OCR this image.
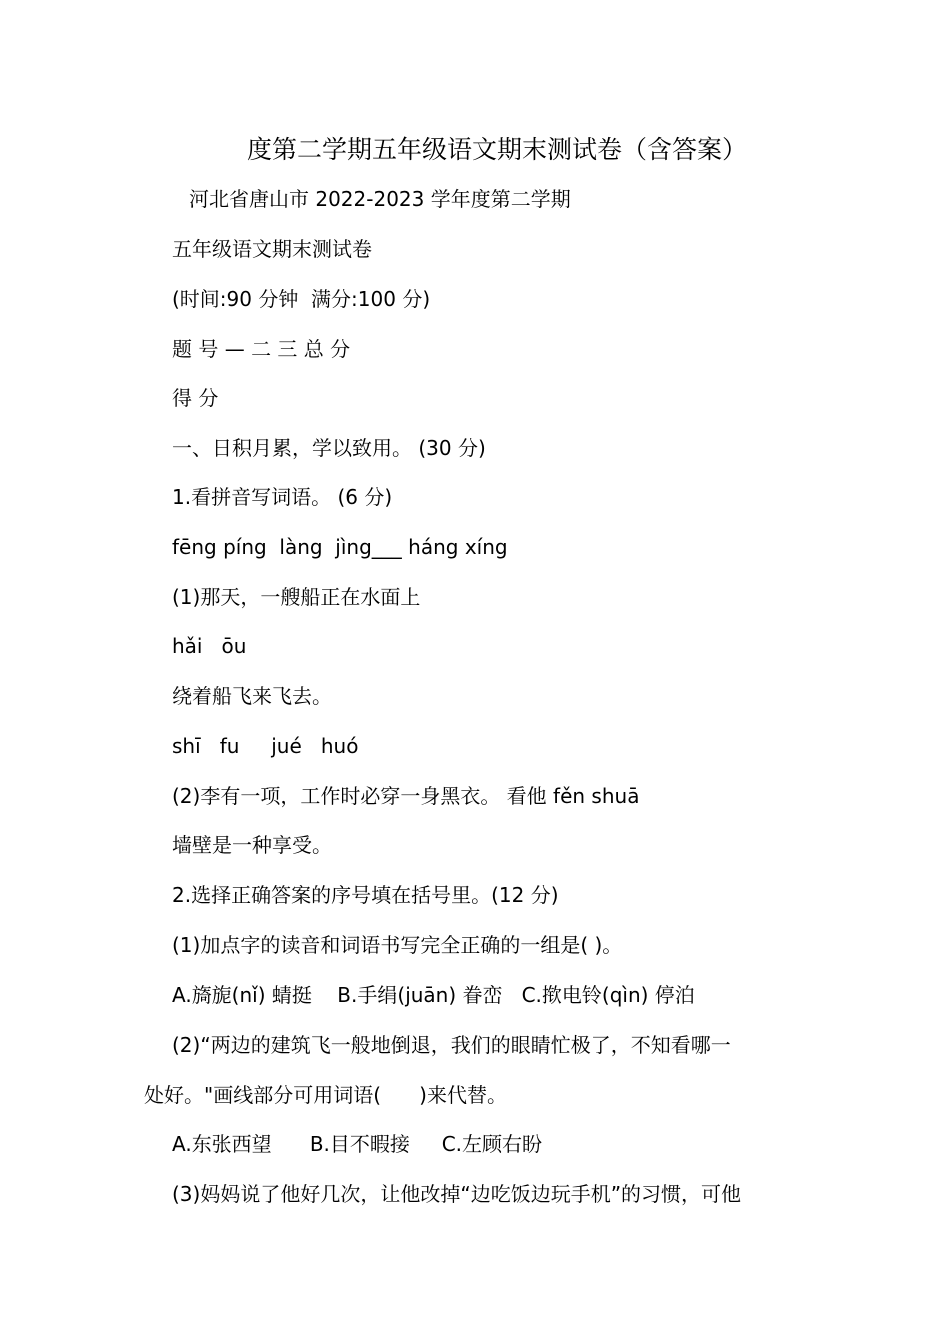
度第二学期五年级语文期末测试卷（含答案）
河北省唐山市 2022-2023 学年度第二学期
五年级语文期末测试卷
(时间:90 分钟  满分:100 分)
题 号 — 二 三 总 分
得 分
一、日积月累，学以致用。 (30 分)
1.看拼音写词语。 (6 分)
fēng píng  làng  jìng___ háng xíng
(1)那天，一艘船正在水面上
hǎi   ōu
绕着船飞来飞去。
shī   fu     jué   huó
(2)李有一项，工作时必穿一身黑衣。 看他 fěn shuā
墙壁是一种享受。
2.选择正确答案的序号填在括号里。(12 分)
(1)加点字的读音和词语书写完全正确的一组是( )。
A.旖旎(nǐ) 蜻挺    B.手绢(juān) 眷峦   C.揿电铃(qìn) 停泊
(2)“两边的建筑飞一般地倒退，我们的眼睛忙极了，不知看哪一
处好。"画线部分可用词语(      )来代替。
A.东张西望      B.目不暇接     C.左顾右盼
(3)妈妈说了他好几次，让他改掉“边吃饭边玩手机”的习惯，可他
